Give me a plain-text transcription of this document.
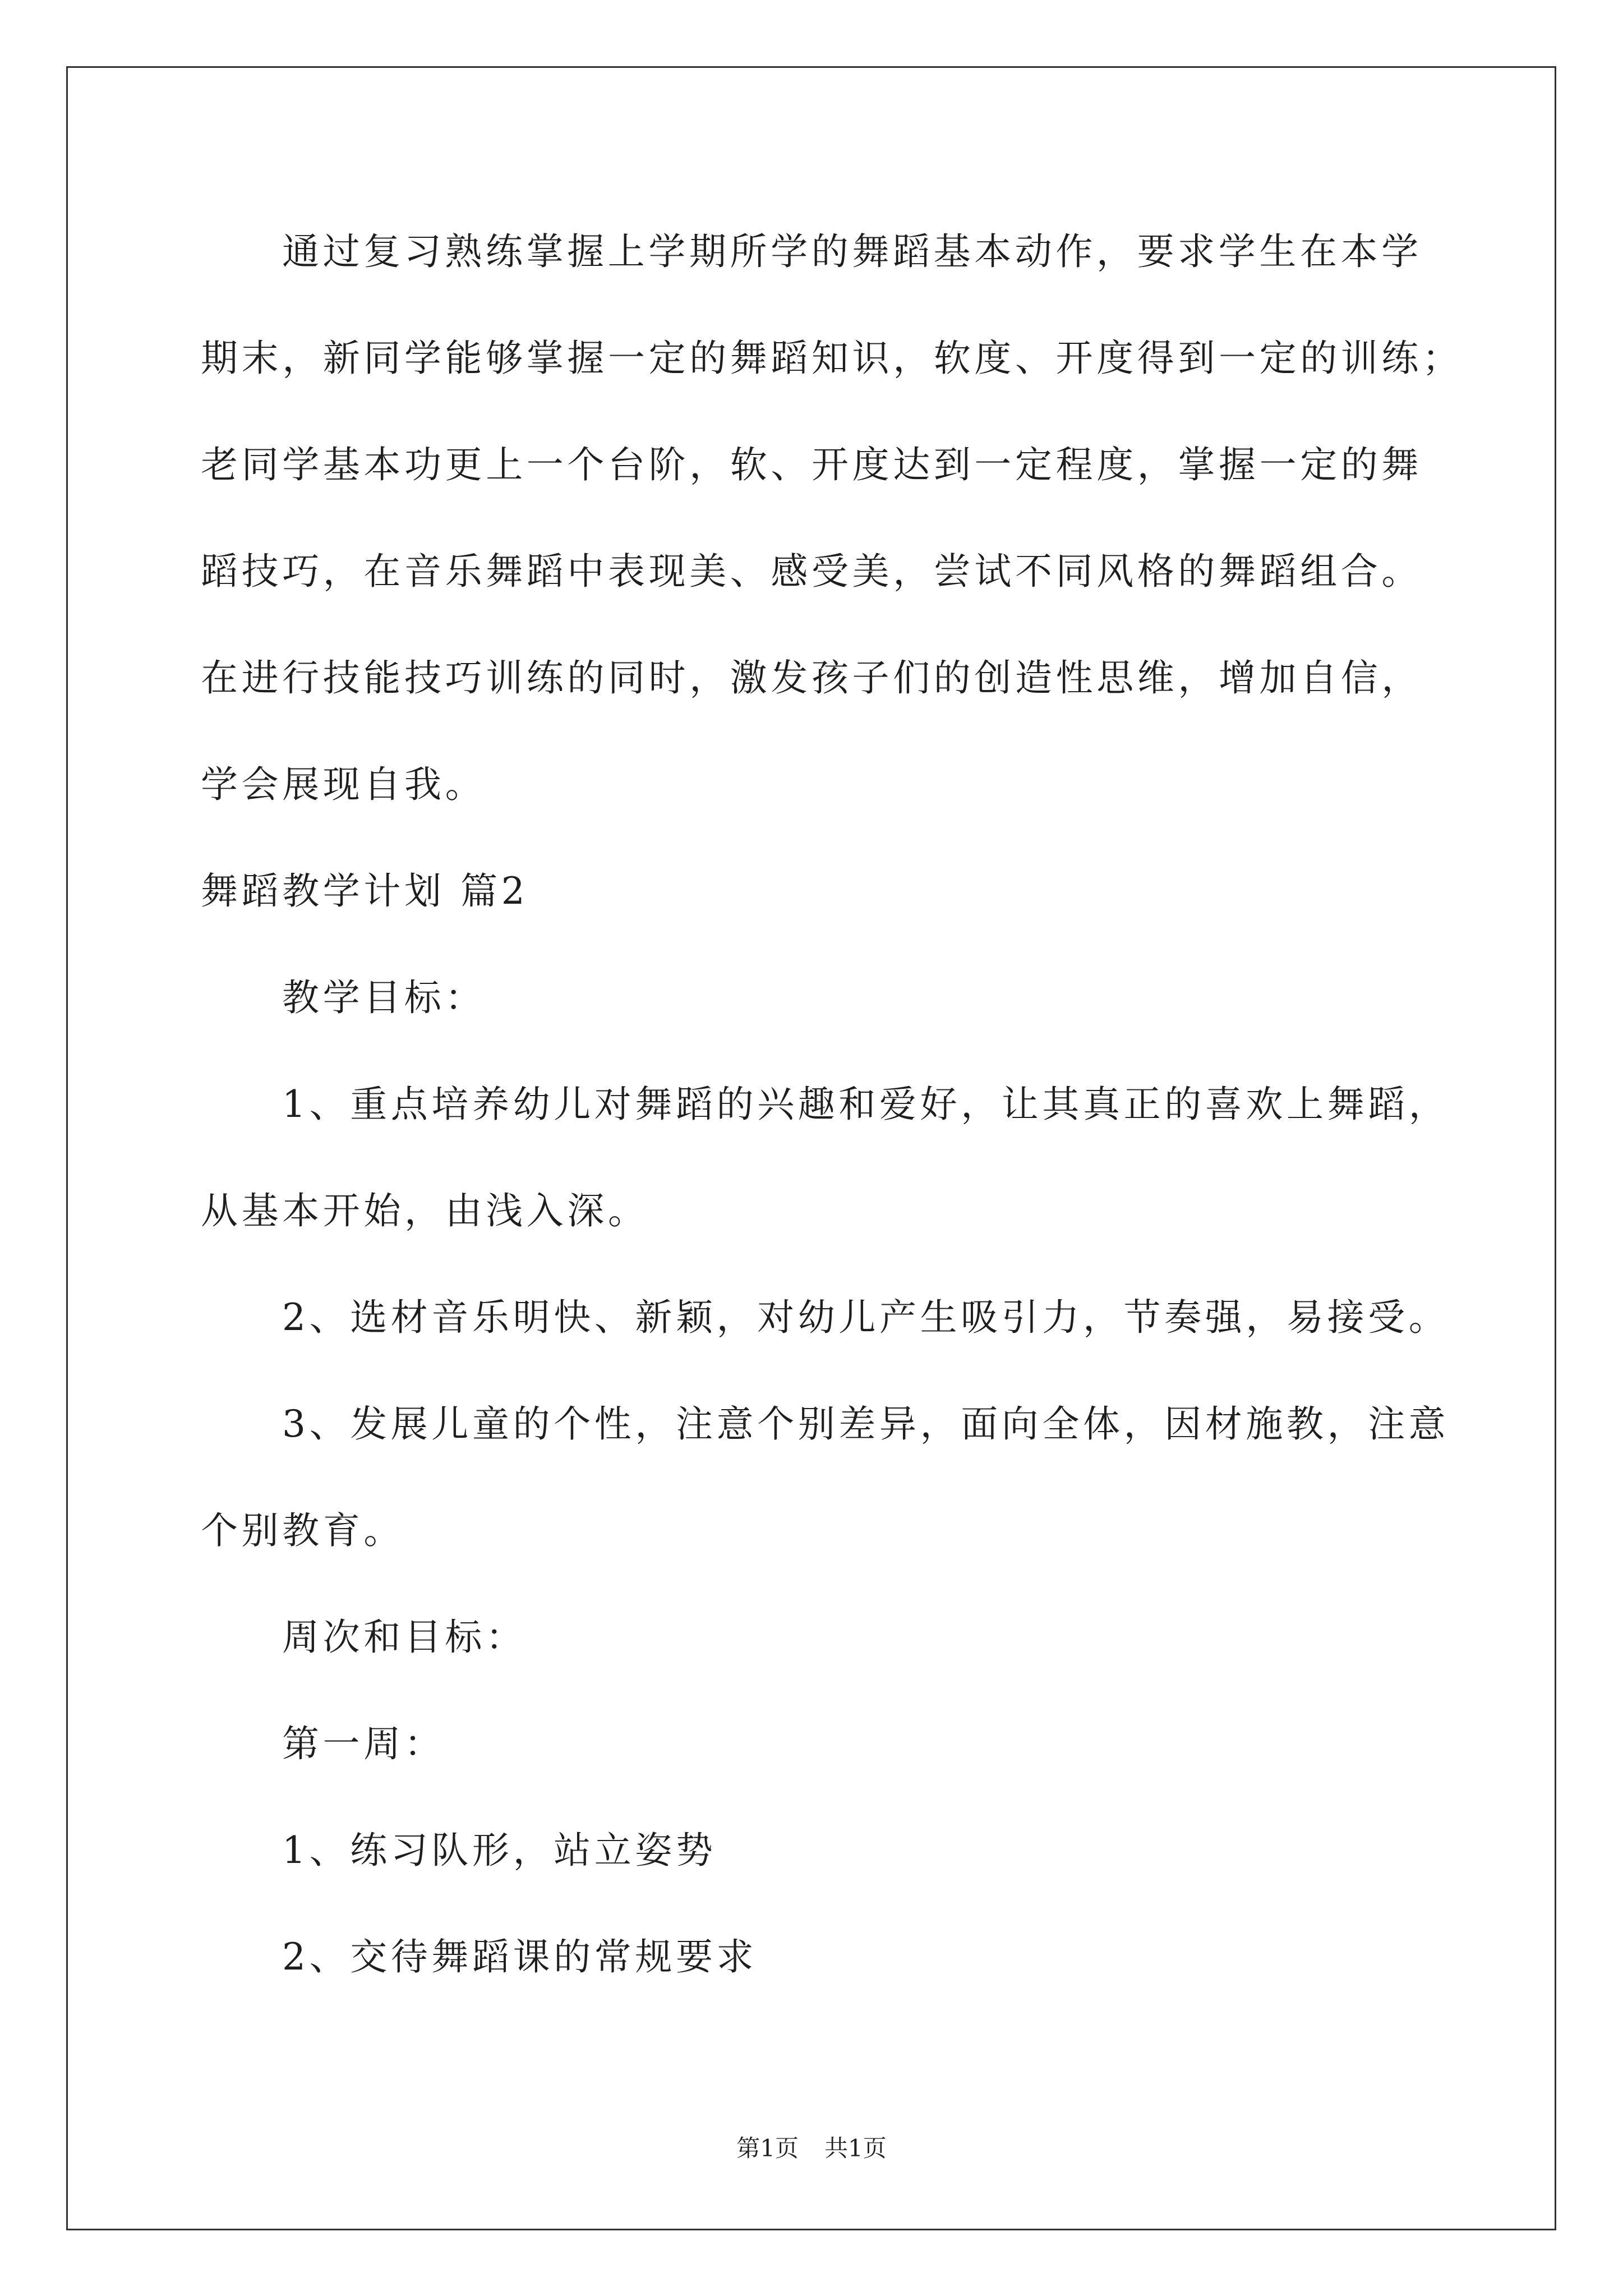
通过复习熟练掌握上学期所学的舞蹈基本动作，要求学生在本学
期末，新同学能够掌握一定的舞蹈知识，软度、开度得到一定的训练；
老同学基本功更上一个台阶，软、开度达到一定程度，掌握一定的舞
蹈技巧，在音乐舞蹈中表现美、感受美，尝试不同风格的舞蹈组合。
在进行技能技巧训练的同时，激发孩子们的创造性思维，增加自信，
学会展现自我。
舞蹈教学计划 篇2
教学目标：
1、重点培养幼儿对舞蹈的兴趣和爱好，让其真正的喜欢上舞蹈，
从基本开始，由浅入深。
2、选材音乐明快、新颖，对幼儿产生吸引力，节奏强，易接受。
3、发展儿童的个性，注意个别差异，面向全体，因材施教，注意
个别教育。
周次和目标：
第一周：
1、练习队形，站立姿势
2、交待舞蹈课的常规要求
第1页 共1页
